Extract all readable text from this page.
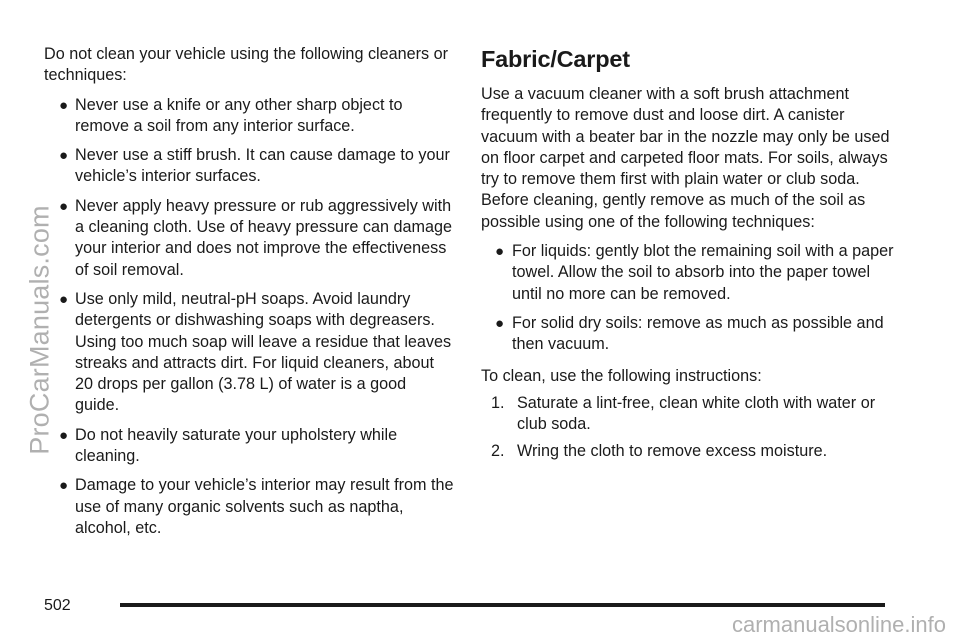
ProCarManuals.com

Do not clean your vehicle using the following cleaners or techniques:

● Never use a knife or any other sharp object to remove a soil from any interior surface.
● Never use a stiff brush. It can cause damage to your vehicle’s interior surfaces.
● Never apply heavy pressure or rub aggressively with a cleaning cloth. Use of heavy pressure can damage your interior and does not improve the effectiveness of soil removal.
● Use only mild, neutral-pH soaps. Avoid laundry detergents or dishwashing soaps with degreasers. Using too much soap will leave a residue that leaves streaks and attracts dirt. For liquid cleaners, about 20 drops per gallon (3.78 L) of water is a good guide.
● Do not heavily saturate your upholstery while cleaning.
● Damage to your vehicle’s interior may result from the use of many organic solvents such as naptha, alcohol, etc.
Fabric/Carpet

Use a vacuum cleaner with a soft brush attachment frequently to remove dust and loose dirt. A canister vacuum with a beater bar in the nozzle may only be used on floor carpet and carpeted floor mats. For soils, always try to remove them first with plain water or club soda. Before cleaning, gently remove as much of the soil as possible using one of the following techniques:

● For liquids: gently blot the remaining soil with a paper towel. Allow the soil to absorb into the paper towel until no more can be removed.
● For solid dry soils: remove as much as possible and then vacuum.

To clean, use the following instructions:

1. Saturate a lint-free, clean white cloth with water or club soda.
2. Wring the cloth to remove excess moisture.
502
carmanualsonline.info
